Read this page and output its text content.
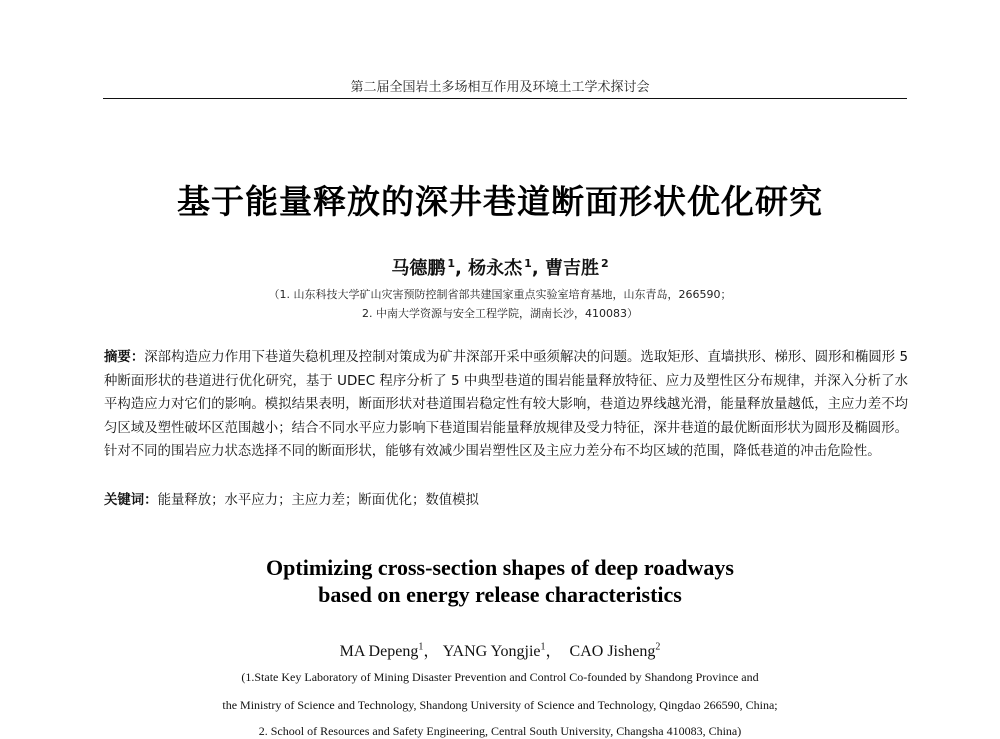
第二届全国岩土多场相互作用及环境土工学术探讨会
基于能量释放的深井巷道断面形状优化研究
马德鹏 $^1$, 杨永杰 $^1$, 曹吉胜 $^2$
（1. 山东科技大学矿山灾害预防控制省部共建国家重点实验室培育基地，山东青岛，266590；
2. 中南大学资源与安全工程学院，湖南长沙，410083）
摘要：深部构造应力作用下巷道失稳机理及控制对策成为矿井深部开采中亟须解决的问题。选取矩形、直墙拱形、梯形、圆形和椭圆形 5 种断面形状的巷道进行优化研究，基于 UDEC 程序分析了 5 中典型巷道的围岩能量释放特征、应力及塑性区分布规律，并深入分析了水平构造应力对它们的影响。模拟结果表明，断面形状对巷道围岩稳定性有较大影响，巷道边界线越光滑，能量释放量越低，主应力差不均匀区域及塑性破坏区范围越小；结合不同水平应力影响下巷道围岩能量释放规律及受力特征，深井巷道的最优断面形状为圆形及椭圆形。针对不同的围岩应力状态选择不同的断面形状，能够有效减少围岩塑性区及主应力差分布不均区域的范围，降低巷道的冲击危险性。
关键词：能量释放；水平应力；主应力差；断面优化；数值模拟
Optimizing cross-section shapes of deep roadways
based on energy release characteristics
MA Depeng$^1$， YANG Yongjie$^1$， CAO Jisheng$^2$
(1.State Key Laboratory of Mining Disaster Prevention and Control Co-founded by Shandong Province and
the Ministry of Science and Technology, Shandong University of Science and Technology, Qingdao 266590, China;
2. School of Resources and Safety Engineering, Central South University, Changsha 410083, China)
